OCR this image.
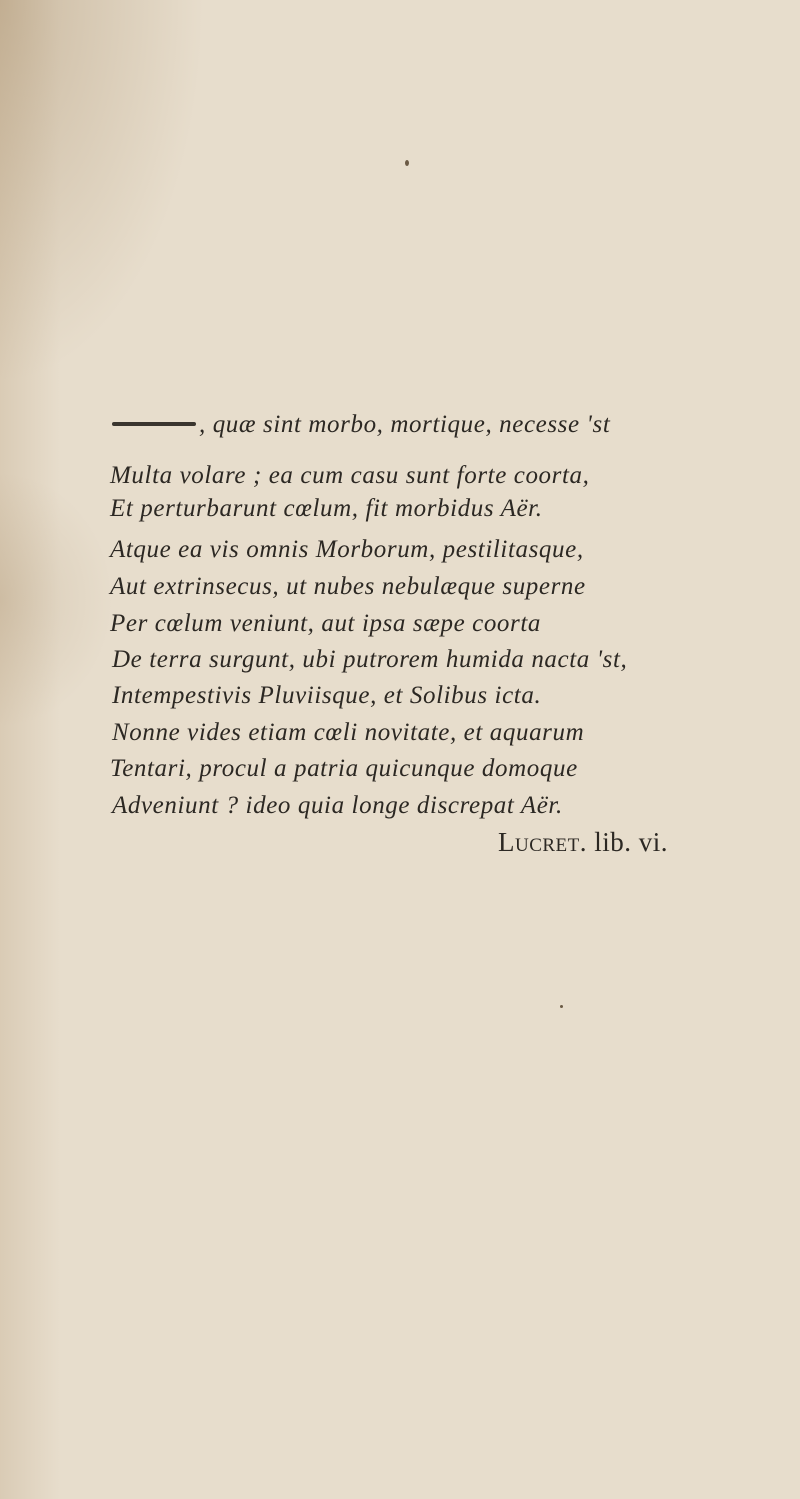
, quæ sint morbo, mortique, necesse 'st
Multa volare ; ea cum casu sunt forte coorta,
Et perturbarunt cœlum, fit morbidus Aër.
Atque ea vis omnis Morborum, pestilitasque,
Aut extrinsecus, ut nubes nebulæque superne
Per cœlum veniunt, aut ipsa sæpe coorta
De terra surgunt, ubi putrorem humida nacta 'st,
Intempestivis Pluviisque, et Solibus icta.
Nonne vides etiam cœli novitate, et aquarum
Tentari, procul a patria quicunque domoque
Adveniunt ? ideo quia longe discrepat Aër.
Lucret. lib. vi.
